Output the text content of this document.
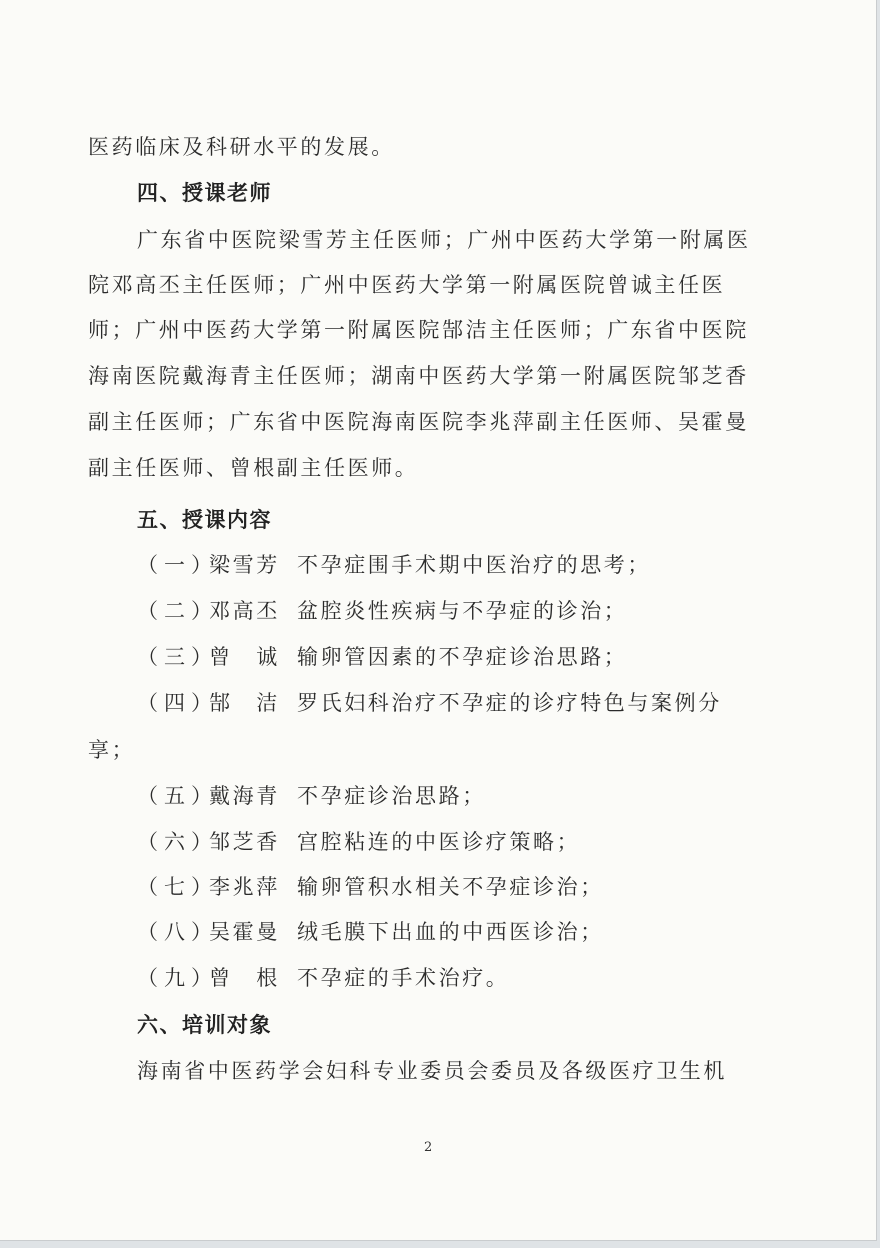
医药临床及科研水平的发展。
四、授课老师
广东省中医院梁雪芳主任医师；广州中医药大学第一附属医
院邓高丕主任医师；广州中医药大学第一附属医院曾诚主任医
师；广州中医药大学第一附属医院郜洁主任医师；广东省中医院
海南医院戴海青主任医师；湖南中医药大学第一附属医院邹芝香
副主任医师；广东省中医院海南医院李兆萍副主任医师、吴霍曼
副主任医师、曾根副主任医师。
五、授课内容
（一）梁雪芳 不孕症围手术期中医治疗的思考；
（二）邓高丕 盆腔炎性疾病与不孕症的诊治；
（三）曾　诚 输卵管因素的不孕症诊治思路；
（四）郜　洁 罗氏妇科治疗不孕症的诊疗特色与案例分
享；
（五）戴海青 不孕症诊治思路；
（六）邹芝香 宫腔粘连的中医诊疗策略；
（七）李兆萍 输卵管积水相关不孕症诊治；
（八）吴霍曼 绒毛膜下出血的中西医诊治；
（九）曾　根 不孕症的手术治疗。
六、培训对象
海南省中医药学会妇科专业委员会委员及各级医疗卫生机
2
